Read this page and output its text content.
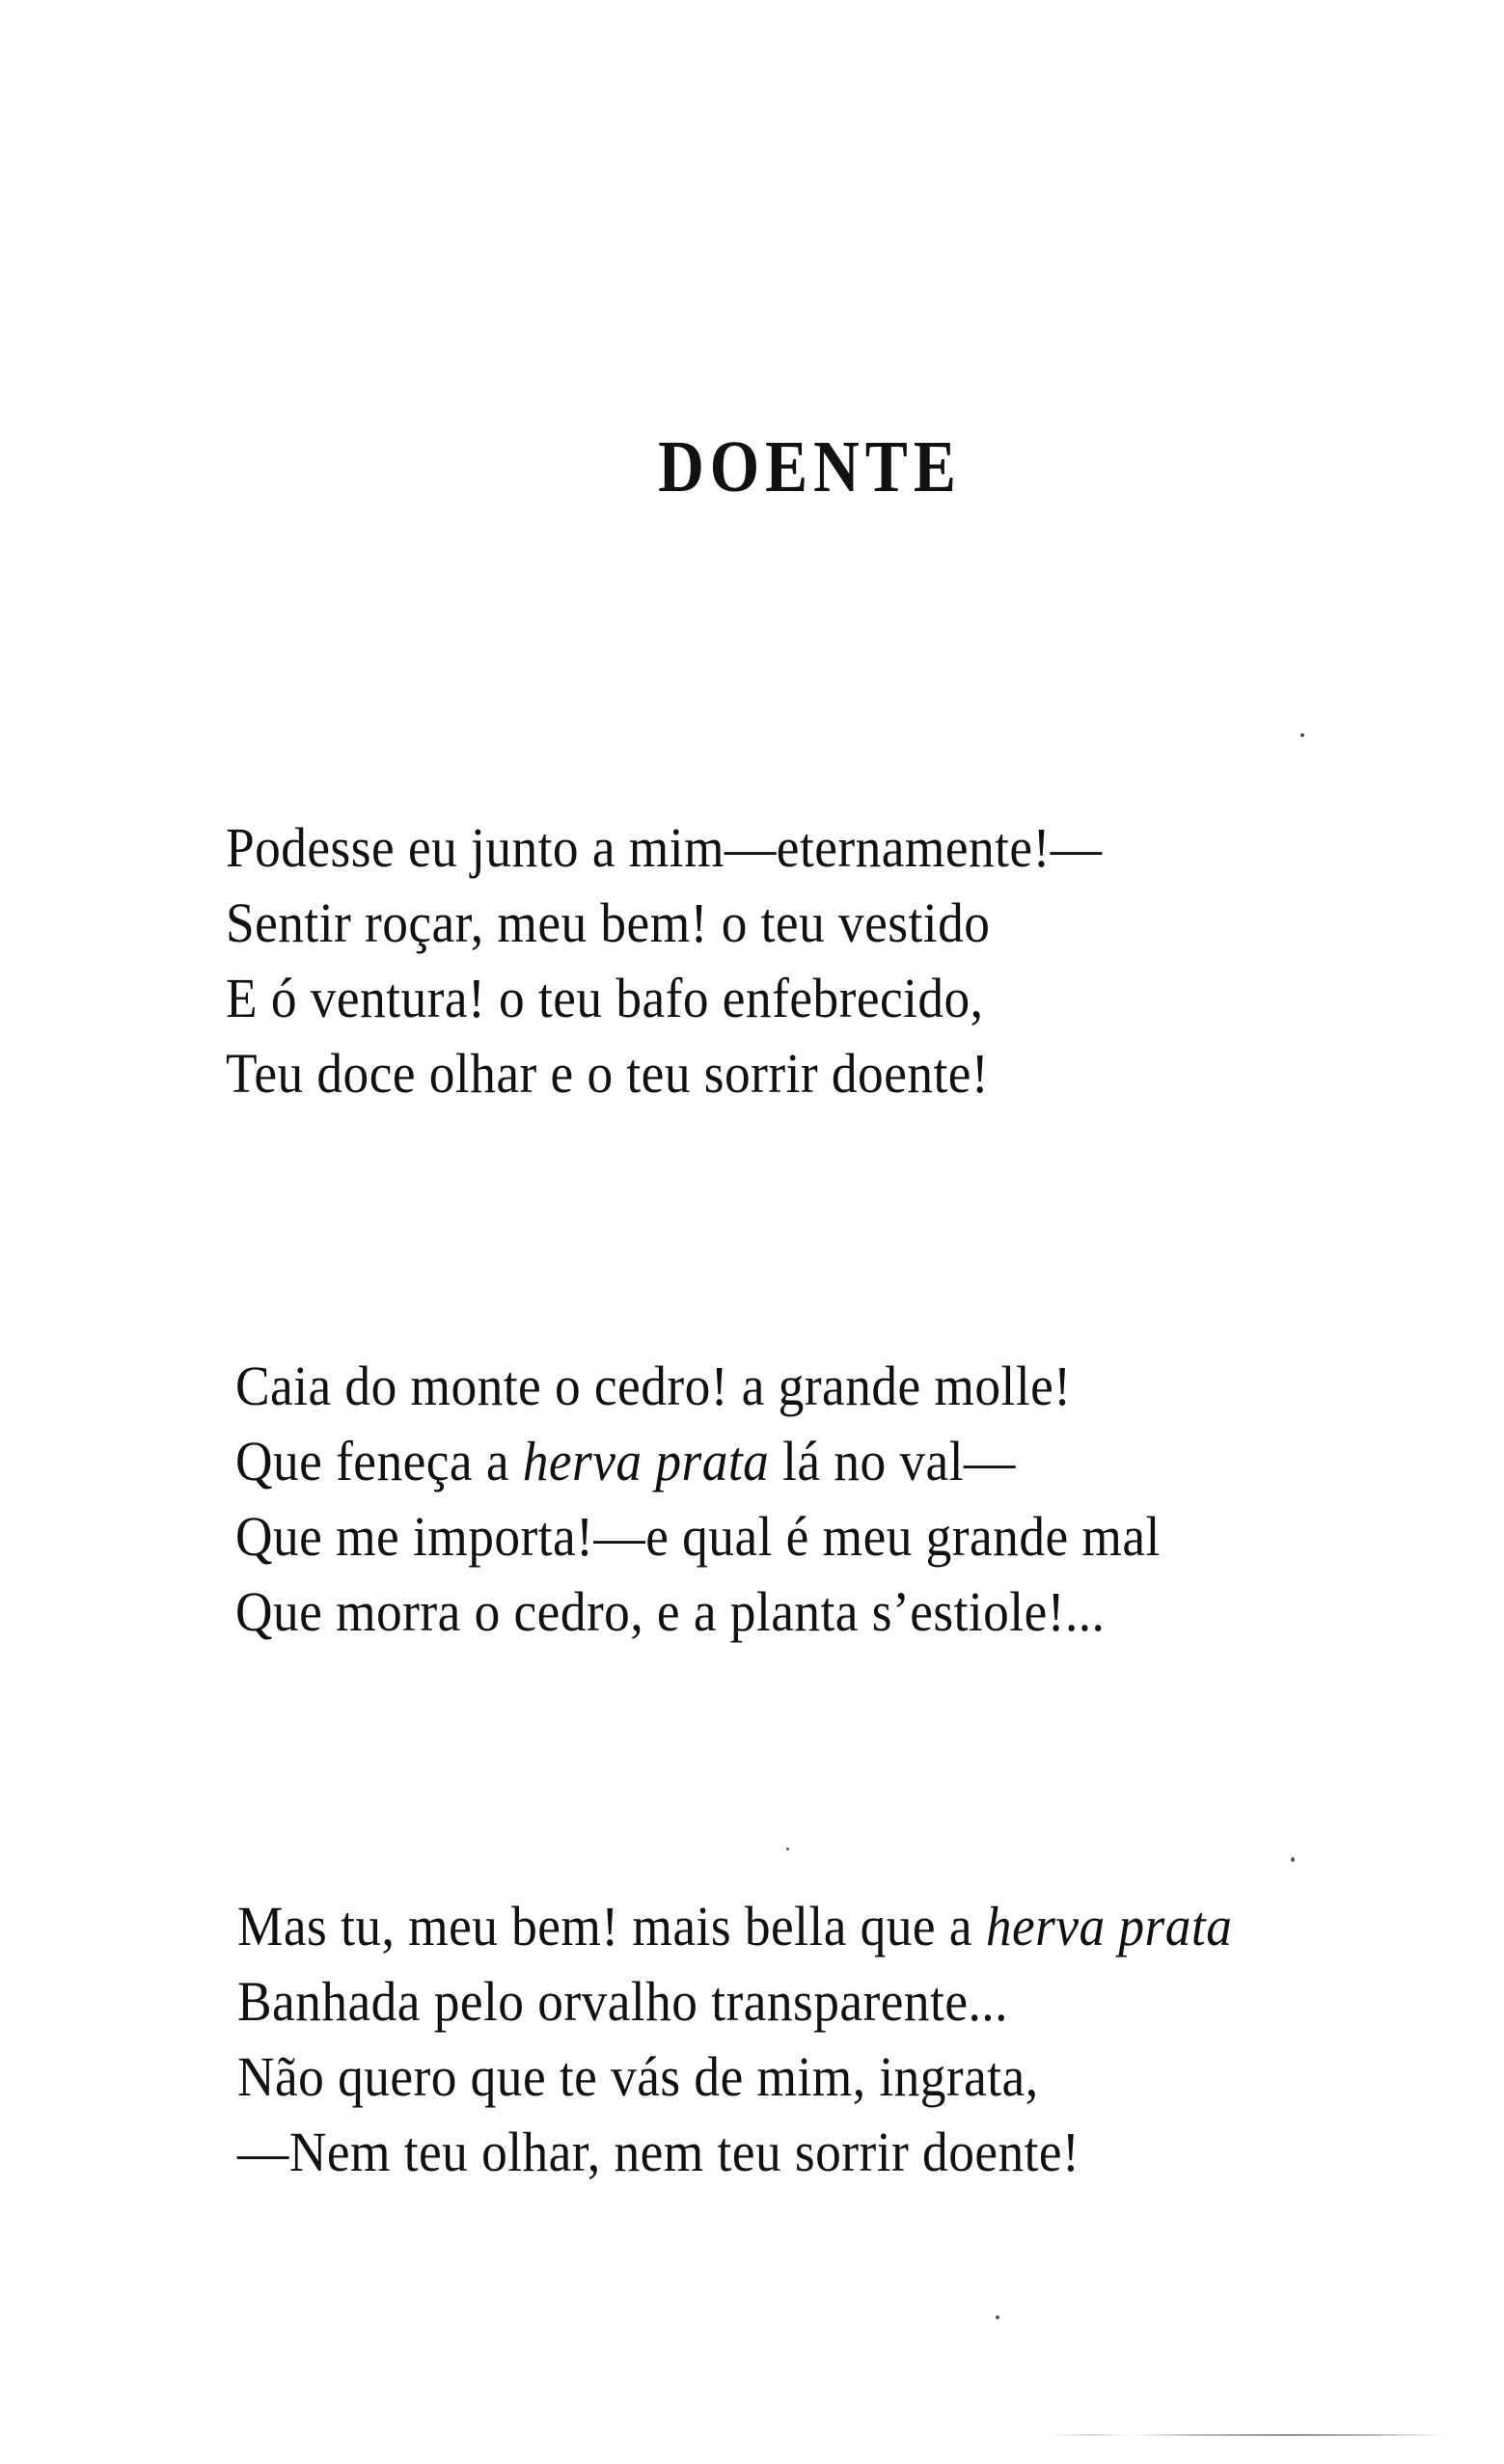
DOENTE
Podesse eu junto a mim—eternamente!—
Sentir roçar, meu bem! o teu vestido
E ó ventura! o teu bafo enfebrecido,
Teu doce olhar e o teu sorrir doente!
Caia do monte o cedro! a grande molle!
Que feneça a herva prata lá no val—
Que me importa!—e qual é meu grande mal
Que morra o cedro, e a planta s’estiole!...
Mas tu, meu bem! mais bella que a herva prata
Banhada pelo orvalho transparente...
Não quero que te vás de mim, ingrata,
—Nem teu olhar, nem teu sorrir doente!
